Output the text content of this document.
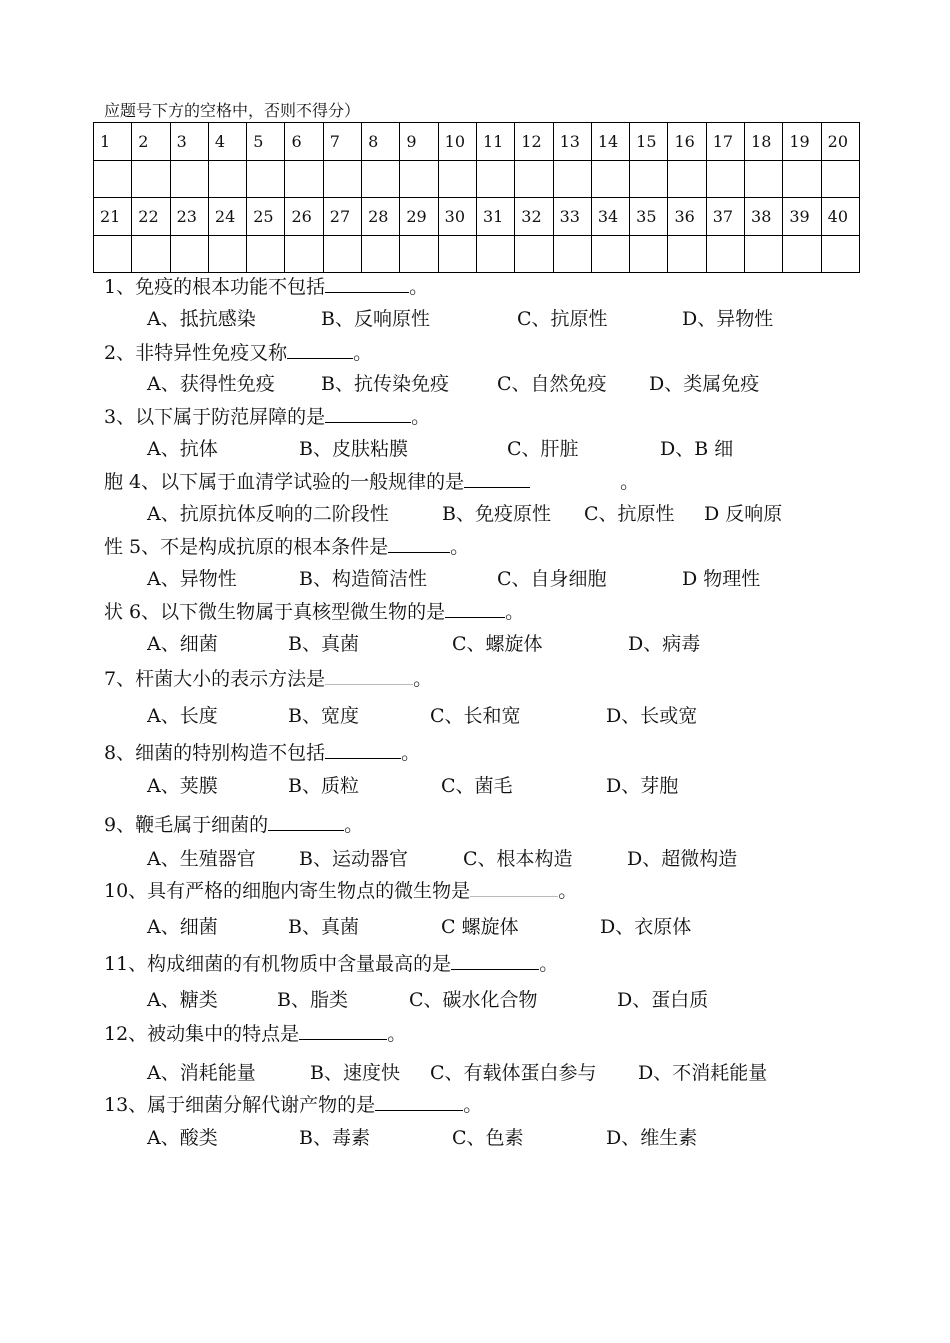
应题号下方的空格中，否则不得分）
1	2	3	4	5	6	7	8	9	10	11	12	13	14	15	16	17	18	19	20

21	22	23	24	25	26	27	28	29	30	31	32	33	34	35	36	37	38	39	40

1、免疫的根本功能不包括	。
A、抵抗感染	B、反响原性	C、抗原性	D、异物性
2、非特异性免疫又称	。
A、获得性免疫 B、抗传染免疫	C、自然免疫 D、类属免疫
3、以下属于防范屏障的是	。
A、抗体	B、皮肤粘膜	C、肝脏	D、B 细
胞 4、以下属于血清学试验的一般规律的是	。
A、抗原抗体反响的二阶段性	B、免疫原性 C、抗原性 D 反响原
性 5、不是构成抗原的根本条件是	。
A、异物性	B、构造简洁性	C、自身细胞	D 物理性
状 6、以下微生物属于真核型微生物的是	。
A、细菌	B、真菌	C、螺旋体	D、病毒
7、杆菌大小的表示方法是	。
A、长度	B、宽度	C、长和宽	D、长或宽
8、细菌的特别构造不包括	。
A、荚膜	B、质粒	C、菌毛	D、芽胞
9、鞭毛属于细菌的	。
A、生殖器官 B、运动器官	C、根本构造	D、超微构造
10、具有严格的细胞内寄生物点的微生物是	。
A、细菌	B、真菌	C 螺旋体	D、衣原体
11、构成细菌的有机物质中含量最高的是	。
A、糖类	B、脂类	C、碳水化合物	D、蛋白质
12、被动集中的特点是	。
A、消耗能量	B、速度快 C、有载体蛋白参与 D、不消耗能量
13、属于细菌分解代谢产物的是	。
A、酸类	B、毒素	C、色素	D、维生素
